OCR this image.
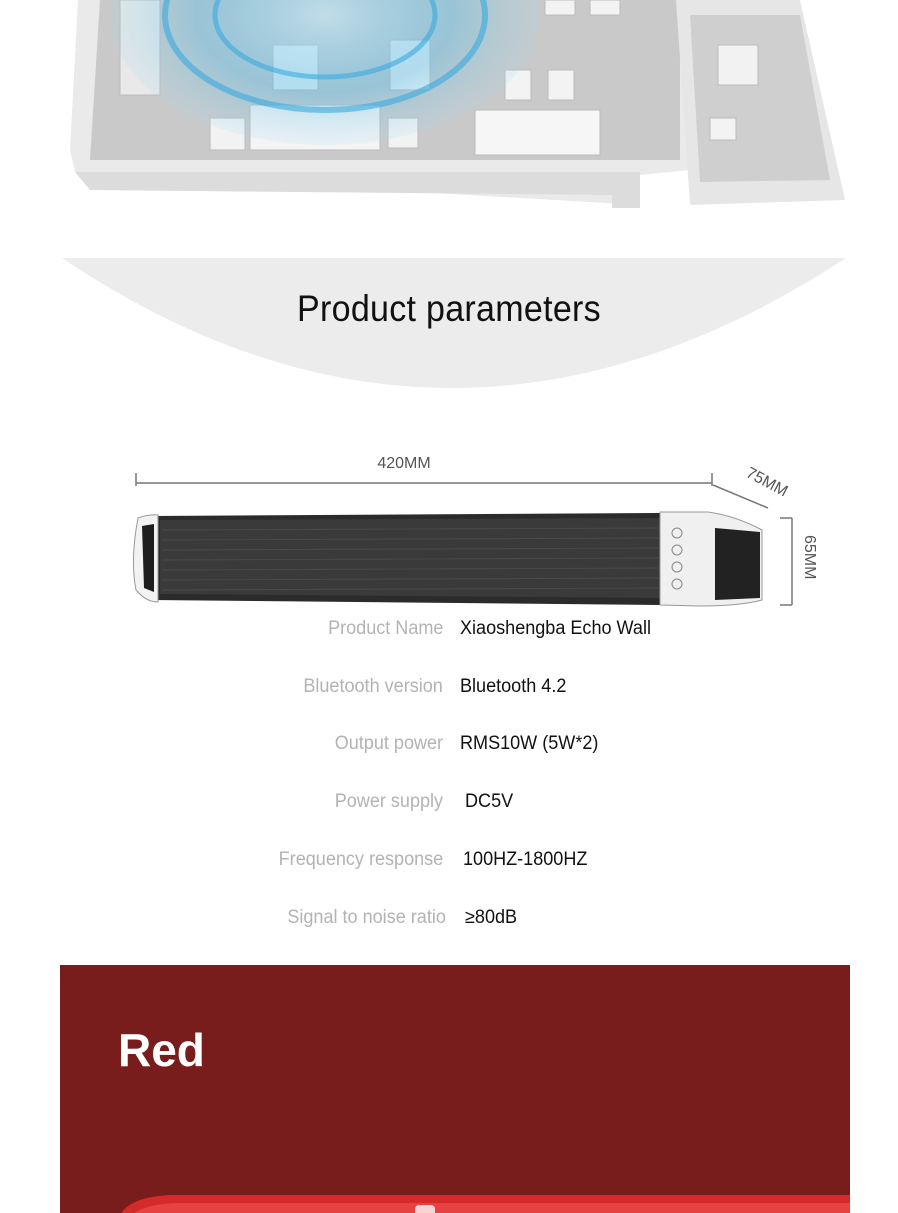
Product parameters
420MM
75MM
65MM
Product Name Xiaoshengba Echo Wall
Bluetooth version Bluetooth 4.2
Output power RMS10W (5W*2)
Power supply DC5V
Frequency response 100HZ-1800HZ
Signal to noise ratio ≥80dB
Red
